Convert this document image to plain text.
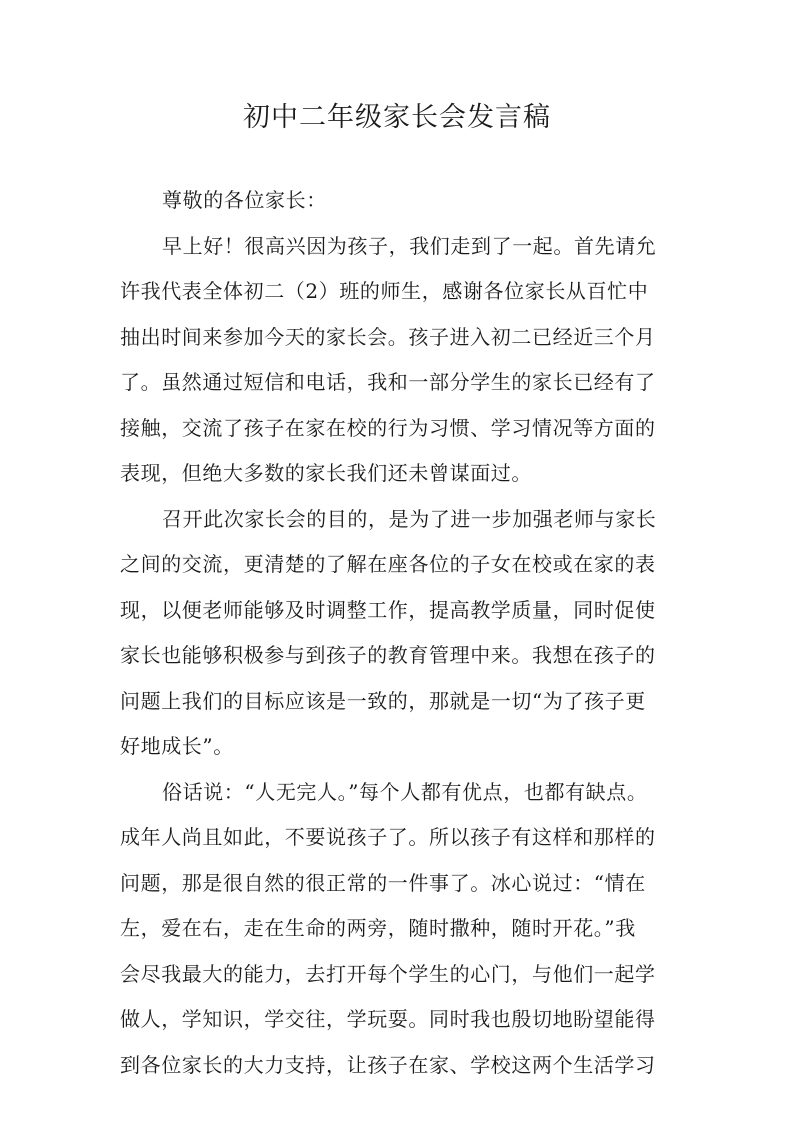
初中二年级家长会发言稿
尊敬的各位家长：
早上好！很高兴因为孩子，我们走到了一起。首先请允
许我代表全体初二（2）班的师生，感谢各位家长从百忙中
抽出时间来参加今天的家长会。孩子进入初二已经近三个月
了。虽然通过短信和电话，我和一部分学生的家长已经有了
接触，交流了孩子在家在校的行为习惯、学习情况等方面的
表现，但绝大多数的家长我们还未曾谋面过。
召开此次家长会的目的，是为了进一步加强老师与家长
之间的交流，更清楚的了解在座各位的子女在校或在家的表
现，以便老师能够及时调整工作，提高教学质量，同时促使
家长也能够积极参与到孩子的教育管理中来。我想在孩子的
问题上我们的目标应该是一致的，那就是一切“为了孩子更
好地成长”。
俗话说：“人无完人。”每个人都有优点，也都有缺点。
成年人尚且如此，不要说孩子了。所以孩子有这样和那样的
问题，那是很自然的很正常的一件事了。冰心说过：“情在
左，爱在右，走在生命的两旁，随时撒种，随时开花。”我
会尽我最大的能力，去打开每个学生的心门，与他们一起学
做人，学知识，学交往，学玩耍。同时我也殷切地盼望能得
到各位家长的大力支持，让孩子在家、学校这两个生活学习
